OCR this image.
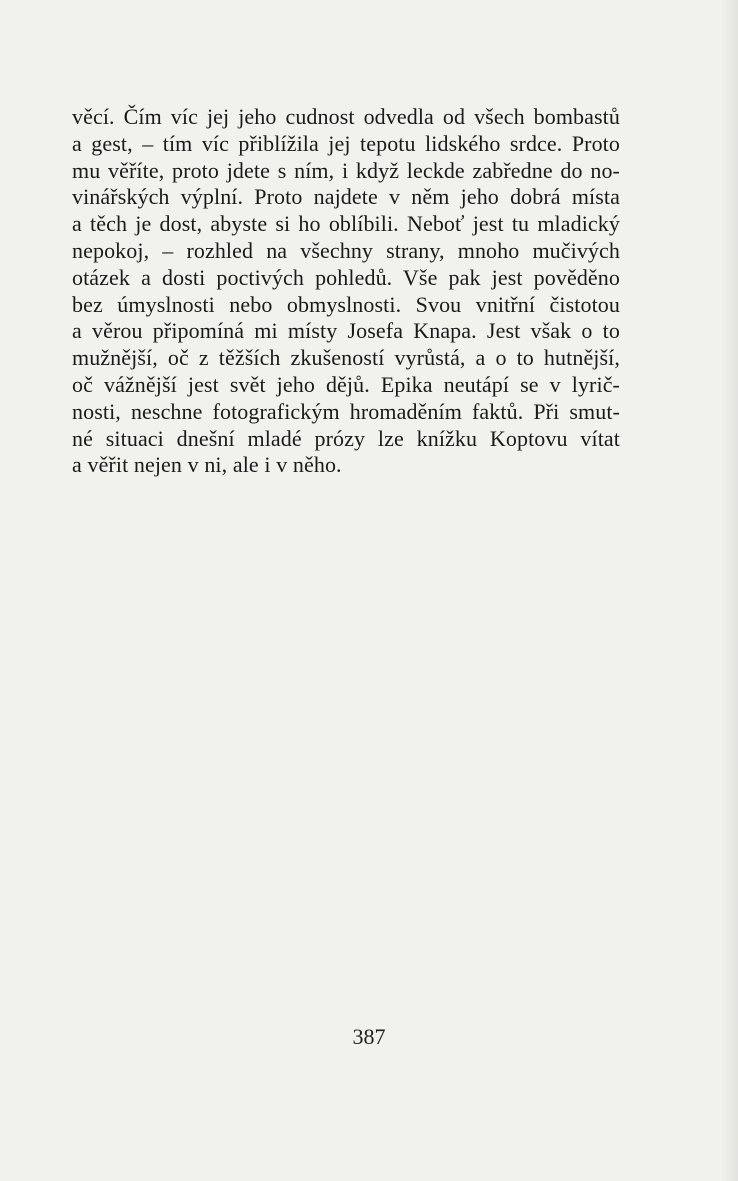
věcí. Čím víc jej jeho cudnost odvedla od všech bombastů
a gest, – tím víc přiblížila jej tepotu lidského srdce. Proto
mu věříte, proto jdete s ním, i když leckde zabředne do no-
vinářských výplní. Proto najdete v něm jeho dobrá místa
a těch je dost, abyste si ho oblíbili. Neboť jest tu mladický
nepokoj, – rozhled na všechny strany, mnoho mučivých
otázek a dosti poctivých pohledů. Vše pak jest pověděno
bez úmyslnosti nebo obmyslnosti. Svou vnitřní čistotou
a věrou připomíná mi místy Josefa Knapa. Jest však o to
mužnější, oč z těžších zkušeností vyrůstá, a o to hutnější,
oč vážnější jest svět jeho dějů. Epika neutápí se v lyrič-
nosti, neschne fotografickým hromaděním faktů. Při smut-
né situaci dnešní mladé prózy lze knížku Koptovu vítat
a věřit nejen v ni, ale i v něho.
387
